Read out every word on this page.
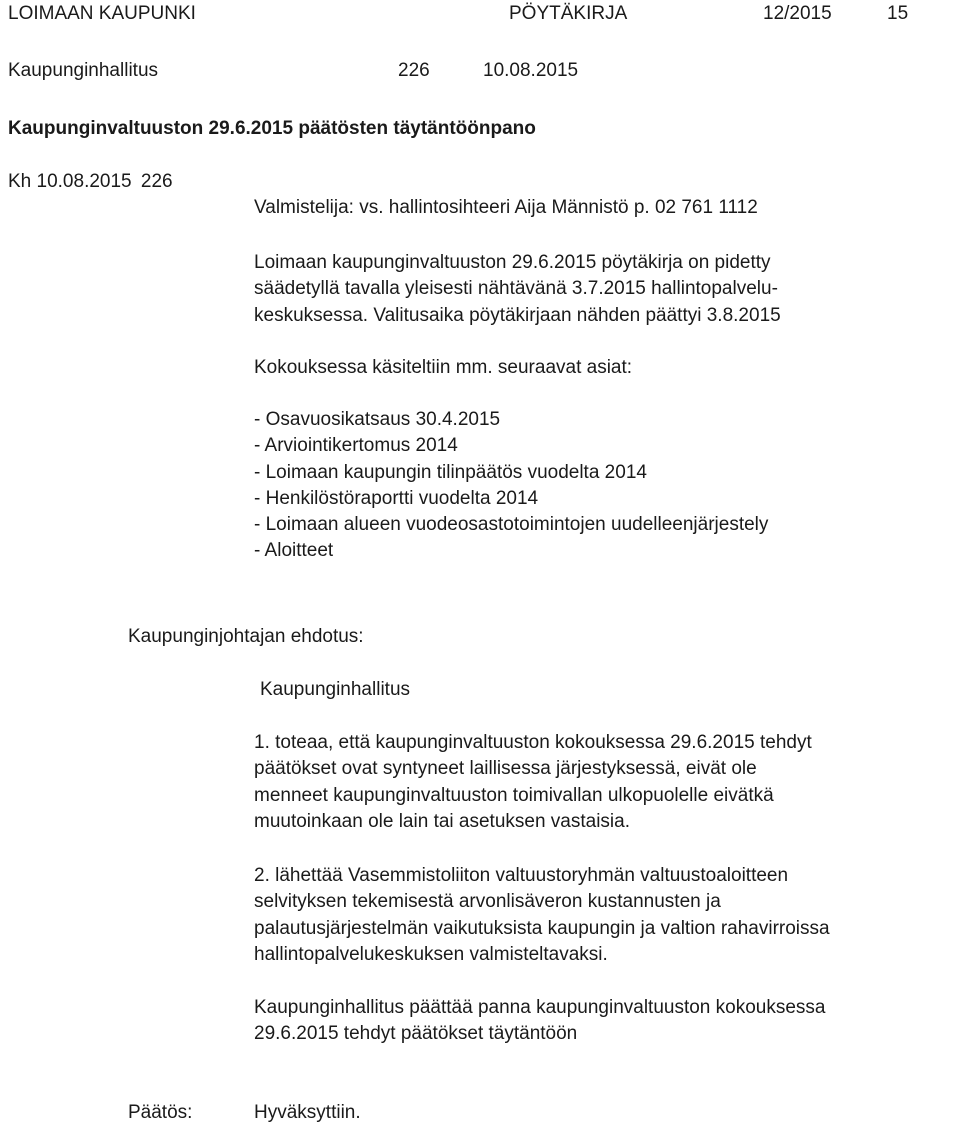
LOIMAAN KAUPUNKI	PÖYTÄKIRJA	12/2015	15
Kaupunginhallitus	226	10.08.2015
Kaupunginvaltuuston 29.6.2015 päätösten täytäntöönpano
Kh 10.08.2015 226
Valmistelija: vs. hallintosihteeri Aija Männistö p. 02 761 1112
Loimaan kaupunginvaltuuston 29.6.2015 pöytäkirja on pidetty
säädetyllä tavalla yleisesti nähtävänä 3.7.2015 hallintopalvelu-
keskuksessa. Valitusaika pöytäkirjaan nähden päättyi 3.8.2015
Kokouksessa käsiteltiin mm. seuraavat asiat:
- Osavuosikatsaus 30.4.2015
- Arviointikertomus 2014
- Loimaan kaupungin tilinpäätös vuodelta 2014
- Henkilöstöraportti vuodelta 2014
- Loimaan alueen vuodeosastotoimintojen uudelleenjärjestely
- Aloitteet
Kaupunginjohtajan ehdotus:
Kaupunginhallitus
1. toteaa, että kaupunginvaltuuston kokouksessa 29.6.2015 tehdyt
päätökset ovat syntyneet laillisessa järjestyksessä, eivät ole
menneet kaupunginvaltuuston toimivallan ulkopuolelle eivätkä
muutoinkaan ole lain tai asetuksen vastaisia.
2. lähettää Vasemmistoliiton valtuustoryhmän valtuustoaloitteen
selvityksen tekemisestä arvonlisäveron kustannusten ja
palautusjärjestelmän vaikutuksista kaupungin ja valtion rahavirroissa
hallintopalvelukeskuksen valmisteltavaksi.
Kaupunginhallitus päättää panna kaupunginvaltuuston kokouksessa
29.6.2015 tehdyt päätökset täytäntöön
Päätös:	Hyväksyttiin.
